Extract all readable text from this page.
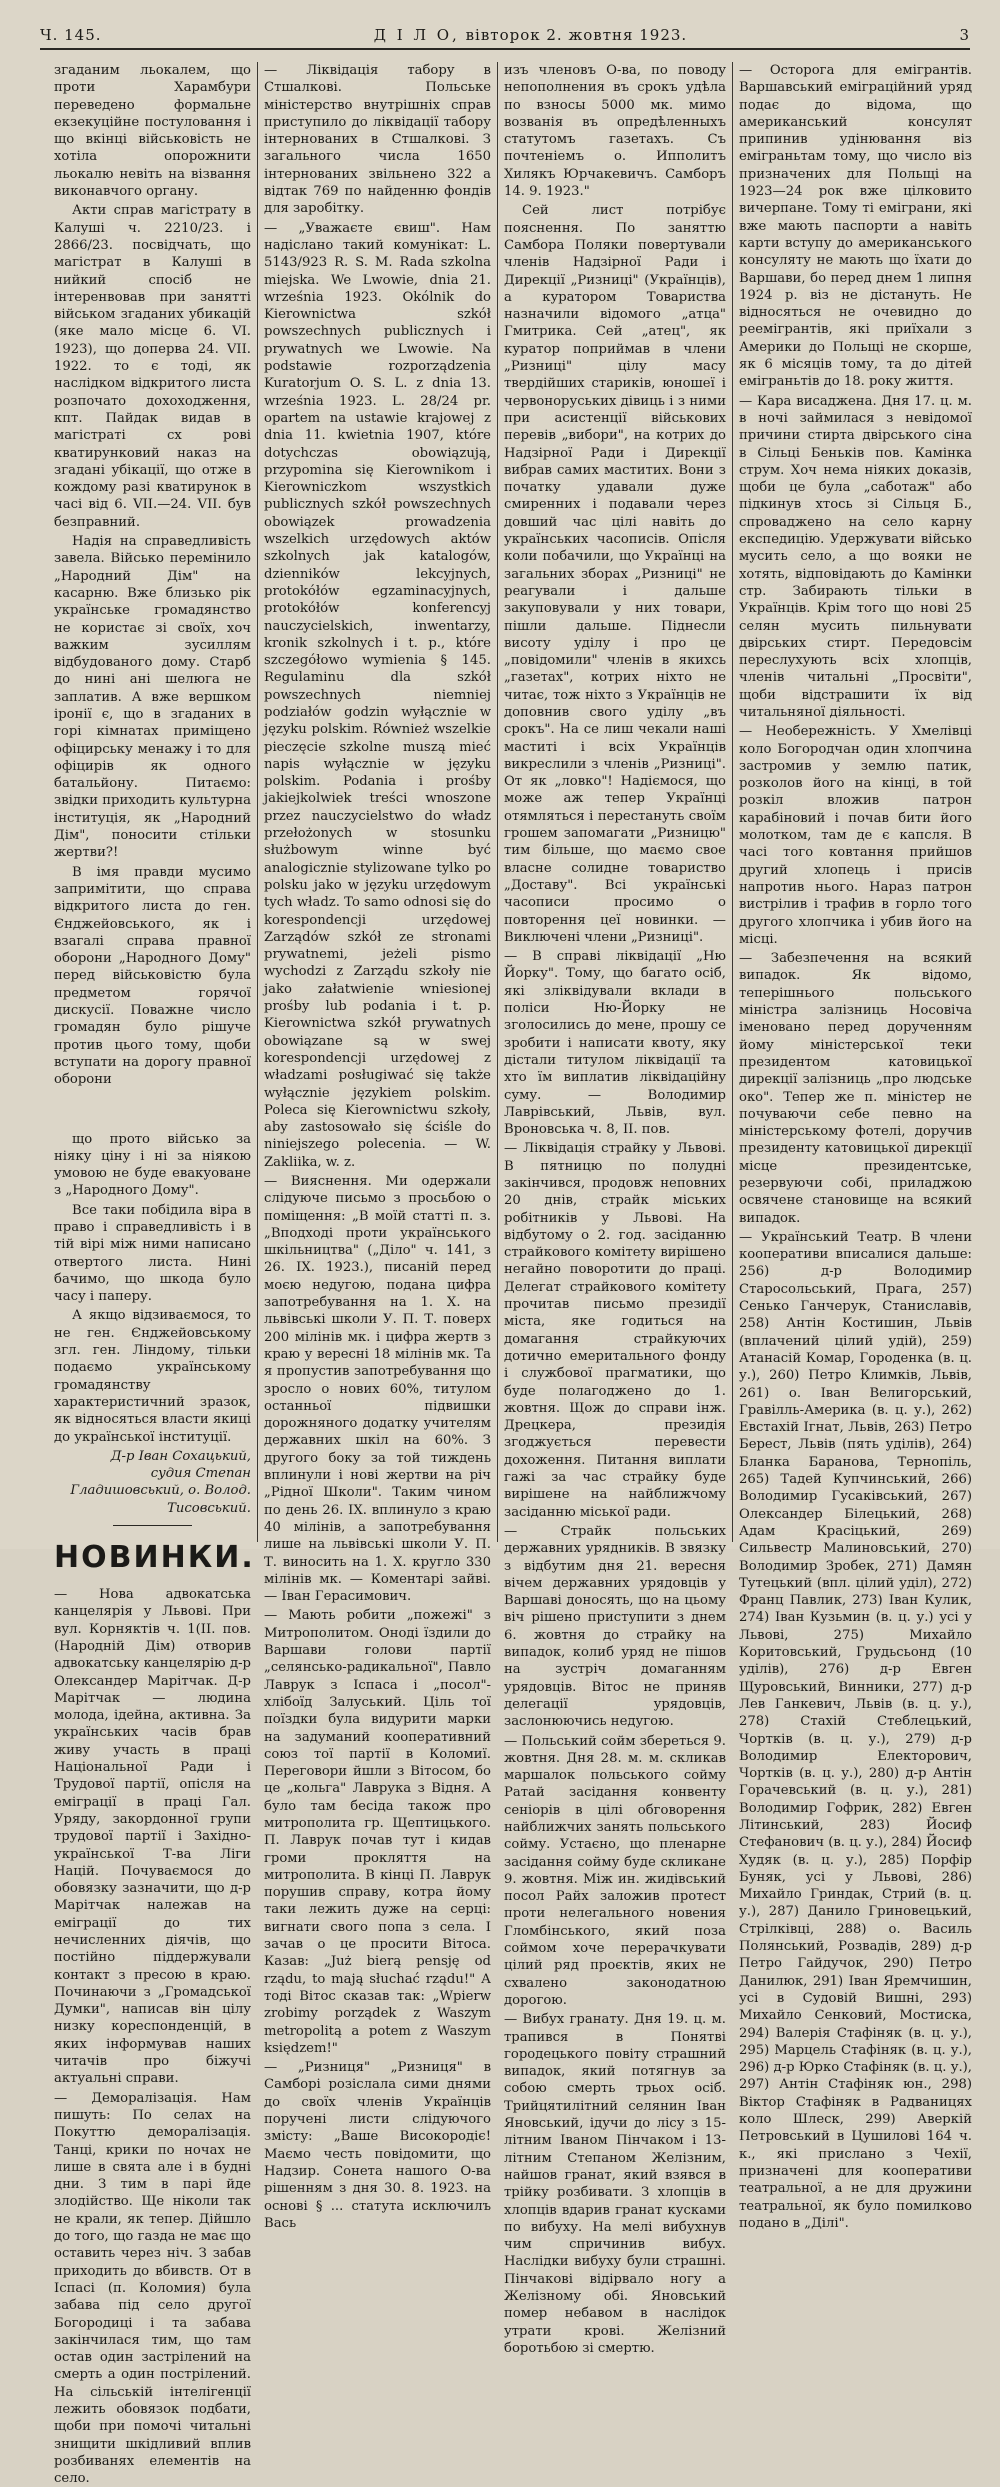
Ч. 145.	Д І Л О, вівторок 2. жовтня 1923.	3

згаданим льокалем, що проти Харамбури переведено формальне екзекуційне постуловання і що вкінці військовість не хотіла опорожнити льокалю невіть на візвання виконавчого органу.

Акти справ магістрату в Калуші ч. 2210/23. і 2866/23. посвідчать, що магістрат в Калуші в нийкий спосіб не інтеренвовав при занятті військом згаданих убикацій (яке мало місце 6. VI. 1923), що доперва 24. VII. 1922. то є тоді, як наслідком відкритого листа розпочато дохоходження, кпт. Пайдак видав в магістраті сх рові кватирунковий наказ на згадані убікації, що отже в кождому разі кватирунок в часі від 6. VII.—24. VII. був безправний.

Надія на справедливість завела. Військо перемінило „Народний Дім" на касарню. Вже близько рік українське громадянство не користає зі своїх, хоч важким зусиллям відбудованого дому. Старб до нині ані шелюга не заплатив. А вже вершком іронії є, що в згаданих в горі кімнатах приміщено офіцирську менажу і то для офіцирів як одного батальйону. Питаємо: звідки приходить культурна інституція, як „Народний Дім", поносити стільки жертви?!

В імя правди мусимо запримітити, що справа відкритого листа до ген. Єнджейовського, як і взагалі справа правної оборони „Народного Дому" перед військовістю була предметом горячої дискусії. Поважне число громадян було рішуче против цього тому, щоби вступати на дорогу правної оборони

що прото військо за ніяку ціну і ні за ніякою умовою не буде евакуоване з „Народного Дому".

Все таки побідила віра в право і справедливість і в тій вірі між ними написано отвертого листа. Нині бачимо, що шкода було часу і паперу.

А якщо відзиваємося, то не ген. Єнджейовському згл. ген. Ліндому, тільки подаємо українському громадянству характеристичний зразок, як відносяться власти якиці до української інституції.

Д-р Іван Сохацький, судия Степан Гладишовський, о. Волод. Тисовський.

НОВИНКИ.

— Нова адвокатська канцелярія у Львові. При вул. Корняктів ч. 1(ІІ. пов. (Народній Дім) отворив адвокатську канцелярію д-р Олександер Марітчак. Д-р Марітчак — людина молода, ідейна, активна. За українських часів брав живу участь в праці Національної Ради і Трудової партії, опісля на еміграції в праці Гал. Уряду, закордонної групи трудової партії і Західно-української Т-ва Ліги Націй. Почуваємося до обовязку зазначити, що д-р Марітчак належав на еміграції до тих нечисленних діячів, що постійно піддержували контакт з пресою в краю. Починаючи з „Громадської Думки", написав він цілу низку кореспонденцій, в яких інформував наших читачів про біжучі актуальні справи.

— Деморалізація. Нам пишуть: По селах на Покуттю деморалізація. Танці, крики по ночах не лише в свята але і в будні дни. З тим в парі йде злодійство. Ще ніколи так не крали, як тепер. Дійшло до того, що газда не має що оставить через ніч. З забав приходить до вбивств. От в Іспасі (п. Коломия) була забава під село другої Богородиці і та забава закінчилася тим, що там остав один застрілений на смерть а один пострілений. На сільській інтелігенції лежить обовязок подбати, щоби при помочі читальні знищити шкідливий вплив розбиванях елементів на село.

— Ліквідація табору в Стшалкові. Польське міністерство внутрішніх справ приступило до ліквідації табору інтернованих в Стшалкові. З загального числа 1650 інтернованих звільнено 322 а відтак 769 по найденню фондів для заробітку.

— „Уважаєте євиш". Нам надіслано такий комунікат: L. 5143/923 R. S. M. Rada szkolna miejska. We Lwowie, dnia 21. września 1923. Okólnik do Kierownictwa szkół powszechnych publicznych i prywatnych we Lwowie. Na podstawie rozporządzenia Kuratorjum O. S. L. z dnia 13. września 1923. L. 28/24 pr. opartem na ustawie krajowej z dnia 11. kwietnia 1907, które dotychczas obowiązują, przypomina się Kierownikom i Kierowniczkom wszystkich publicznych szkół powszechnych obowiązek prowadzenia wszelkich urzędowych aktów szkolnych jak katalogów, dzienników lekcyjnych, protokółów egzaminacyjnych, protokółów konferencyj nauczycielskich, inwentarzy, kronik szkolnych i t. p., które szczegółowo wymienia § 145. Regulaminu dla szkół powszechnych niemniej podziałów godzin wyłącznie w języku polskim. Również wszelkie pieczęcie szkolne muszą mieć napis wyłącznie w języku polskim. Podania i prośby jakiejkolwiek treści wnoszone przez nauczycielstwo do władz przełożonych w stosunku służbowym winne być analogicznie stylizowane tylko po polsku jako w języku urzędowym tych władz. To samo odnosi się do korespondencji urzędowej Zarządów szkół ze stronami prywatnemi, jeżeli pismo wychodzi z Zarządu szkoły nie jako załatwienie wniesionej prośby lub podania i t. p. Kierownictwa szkół prywatnych obowiązane są w swej korespondencji urzędowej z władzami posługiwać się także wyłącznie językiem polskim. Poleca się Kierownictwu szkoły, aby zastosowało się ściśle do niniejszego polecenia. — W. Zakliika, w. z.

— Вияснення. Ми одержали слідуюче письмо з просьбою о поміщення: „В моїй статті п. з. „Вподході проти українського шкільництва" („Діло" ч. 141, з 26. IX. 1923.), писаній перед моєю недугою, подана цифра запотребування на 1. X. на львівські школи У. П. Т. поверх 200 мілінів мк. і цифра жертв з краю у вересні 18 мілінів мк. Та я пропустив запотребування що зросло о нових 60%, титулом останньої підвишки дорожняного додатку учителям державних шкіл на 60%. З другого боку за той тиждень вплинули і нові жертви на річ „Рідної Школи". Таким чином по день 26. IX. вплинуло з краю 40 мілінів, а запотребування лише на львівські школи У. П. Т. виносить на 1. X. кругло 330 мілінів мк. — Коментарі зайві. — Іван Герасимович.

— Мають робити „пожежі" з Митрополитом. Оноді їздили до Варшави голови партії „селянсько-радикальної", Павло Лаврук з Іспаса і „посол"-хлібоїд Залуський. Ціль тої поїздки була видурити марки на задуманий кооперативний союз тої партії в Коломиї. Переговори йшли з Вітосом, бо це „кольга" Лаврука з Відня. А було там бесіда також про митрополита гр. Щептицького. П. Лаврук почав тут і кидав громи прокляття на митрополита. В кінці П. Лаврук порушив справу, котра йому таки лежить дуже на серці: вигнати свого попа з села. І зачав о це просити Вітоса. Казав: „Już bierą pensję od rządu, to mają słuchać rządu!" А тоді Вітос сказав так: „Wpierw zrobimy porządek z Waszym metropolitą a potem z Waszym księdzem!"

— „Ризниця" „Ризниця" в Самборі розіслала сими днями до своїх членів Українців поручені листи слідуючого змісту: „Ваше Високородіє! Маємо честь повідомити, що Надзир. Сонета нашого О-ва рішенням з дня 30. 8. 1923. на основі § ... статута исключилъ Вась

изъ членовъ О-ва, по поводу непополнения въ срокъ удѣла по взносы 5000 мк. мимо возванія въ опредѣленныхъ статутомъ газетахъ. Съ почтеніемъ о. Ипполитъ Хилякъ Юрчакевичъ. Самборъ 14. 9. 1923."

Сей лист потрібує пояснення. По заняттю Самбора Поляки повертували членів Надзірної Ради і Дирекції „Ризниці" (Українців), а куратором Товариства назначили відомого „атца" Гмитрика. Сей „атец", як куратор поприймав в члени „Ризниці" цілу масу твердійших стариків, юношеї і червоноруських дівиць і з ними при асистенції військових перевів „вибори", на котрих до Надзірної Ради і Дирекції вибрав самих маститих. Вони з початку удавали дуже смиренних і подавали через довший час цілі навіть до українських часописів. Опісля коли побачили, що Українці на загальних зборах „Ризниці" не реагували і дальше закуповували у них товари, пішли дальше. Піднесли висоту уділу і про це „повідомили" членів в якихсь „газетах", котрих ніхто не читає, тож ніхто з Українців не доповнив свого уділу „въ срокъ". На се лиш чекали наші маститі і всіх Українців викреслили з членів „Ризниці". От як „ловко"! Надіємося, що може аж тепер Українці отямляться і перестануть своїм грошем запомагати „Ризницю" тим більше, що маємо свое власне солидне товариство „Доставу". Всі українські часописи просимо о повторення цеї новинки. — Виключені члени „Ризниці".

— В справі ліквідації „Ню Йорку". Тому, що багато осіб, які зліквідували вклади в поліси Ню-Йорку не зголосились до мене, прошу се зробити і написати квоту, яку дістали титулом ліквідації та хто їм виплатив ліквідаційну суму. — Володимир Лаврівський, Львів, вул. Вроновська ч. 8, ІІ. пов.

— Ліквідація страйку у Львові. В пятницю по полудні закінчився, продовж неповних 20 днів, страйк міських робітників у Львові. На відбутому о 2. год. засіданню страйкового комітету вирішено негайно поворотити до праці. Делегат страйкового комітету прочитав письмо президії міста, яке годиться на домагання страйкуючих дотично емеритального фонду і службової прагматики, що буде полагоджено до 1. жовтня. Щож до справи інж. Дрецкера, президія згоджується перевести дохоження. Питання виплати гажі за час страйку буде вирішене на найближчому засіданню міської ради.

— Страйк польських державних урядників. В звязку з відбутим дня 21. вересня вічем державних урядовців у Варшаві доносять, що на цьому віч рішено приступити з днем 6. жовтня до страйку на випадок, колиб уряд не пішов на зустріч домаганням урядовців. Вітос не приняв делегації урядовців, заслонюючись недугою.

— Польський сойм збереться 9. жовтня. Дня 28. м. м. скликав маршалок польського сойму Ратай засідання конвенту сеніорів в цілі обговорення найближчих занять польського сойму. Устаєно, що пленарне засідання сойму буде скликане 9. жовтня. Між ин. жидівський посол Райх заложив протест проти нелегального новения Гломбінського, який поза соймом хоче перерачкувати цілий ряд проєктів, яких не схвалено законодатною дорогою.

— Вибух гранату. Дня 19. ц. м. трапився в Понятві городецького повіту страшний випадок, який потягнув за собою смерть трьох осіб. Трийцятилітний селянин Іван Яновський, ідучи до лісу з 15-літним Іваном Пінчаком і 13-літним Степаном Желізним, найшов гранат, який взявся в трійку розбивати. З хлопців в хлопців вдарив гранат кусками по вибуху. На мелі вибухнув чим спричинив вибух. Наслідки вибуху були страшні. Пінчакові відірвало ногу а Желізному обі. Яновський помер небавом в наслідок утрати крові. Желізний боротьбою зі смертю.

— Осторога для емігрантів. Варшавський еміграційний уряд подає до відома, що американський консулят припинив удінювання віз еміграньтам тому, що число віз призначених для Польщі на 1923—24 рок вже цілковито вичерпане. Тому ті еміграни, які вже мають паспорти а навіть карти вступу до американського консуляту не мають що їхати до Варшави, бо перед днем 1 липня 1924 р. віз не дістануть. Не відносяться не очевидно до реемігрантів, які приїхали з Америки до Польщі не скорше, як 6 місяців тому, та до дітей еміграньтів до 18. року життя.

— Кара висаджена. Дня 17. ц. м. в ночі займилася з невідомої причини стирта двірського сіна в Сільці Беньків пов. Камінка струм. Хоч нема ніяких доказів, щоби це була „саботаж" або підкинув хтось зі Сільця Б., спроваджено на село карну експедицію. Удержувати військо мусить село, а що вояки не хотять, відповідають до Камінки стр. Забирають тільки в Українців. Крім того що нові 25 селян мусить пильнувати двірських стирт. Передовсім переслухують всіх хлопців, членів читальні „Просвіти", щоби відстрашити їх від читальняної діяльності.

— Необережність. У Хмелівці коло Богородчан один хлопчина застромив у землю патик, розколов його на кінці, в той розкіл вложив патрон карабіновий і почав бити його молотком, там де є капсля. В часі того ковтання прийшов другий хлопець і присів напротив нього. Нараз патрон вистрілив і трафив в горло того другого хлопчика і убив його на місці.

— Забезпечення на всякий випадок. Як відомо, теперішнього польського міністра залізниць Носовіча іменовано перед дорученням йому міністерської теки президентом катовицької дирекції залізниць „про людське око". Тепер же п. міністер не почуваючи себе певно на міністерському фотелі, доручив президенту катовицької дирекції місце президентське, резервуючи собі, приладжою освячене становище на всякий випадок.

— Український Театр. В члени кооперативи вписалися дальше: 256) д-р Володимир Старосольський, Прага, 257) Сенько Ганчерук, Станиславів, 258) Антін Костишин, Львів (вплачений цілий удій), 259) Атанасій Комар, Городенка (в. ц. у.), 260) Петро Климків, Львів, 261) о. Іван Велигорський, Гравілль-Америка (в. ц. у.), 262) Евстахій Ігнат, Львів, 263) Петро Берест, Львів (пять уділів), 264) Бланка Баранова, Тернопіль, 265) Тадей Купчинський, 266) Володимир Гусаківський, 267) Олександер Білецький, 268) Адам Красіцький, 269) Сильвестр Малиновський, 270) Володимир Зробек, 271) Дамян Тутецький (впл. цілий уділ), 272) Франц Павлик, 273) Іван Кулик, 274) Іван Кузьмин (в. ц. у.) усі у Львові, 275) Михайло Коритовський, Грудьсьонд (10 уділів), 276) д-р Евген Щуровський, Винники, 277) д-р Лев Ганкевич, Львів (в. ц. у.), 278) Стахій Стеблецький, Чортків (в. ц. у.), 279) д-р Володимир Електорович, Чортків (в. ц. у.), 280) д-р Антін Горачевський (в. ц. у.), 281) Володимир Гофрик, 282) Евген Літинський, 283) Йосиф Стефанович (в. ц. у.), 284) Йосиф Худяк (в. ц. у.), 285) Порфір Буняк, усі у Львові, 286) Михайло Гриндак, Стрий (в. ц. у.), 287) Данило Гриновецький, Стрілківці, 288) о. Василь Полянський, Розвадів, 289) д-р Петро Гайдучок, 290) Петро Данилюк, 291) Іван Яремчишин, усі в Судовій Вишні, 293) Михайло Сенковий, Мостиска, 294) Валерія Стафіняк (в. ц. у.), 295) Марцель Стафіняк (в. ц. у.), 296) д-р Юрко Стафіняк (в. ц. у.), 297) Антін Стафіняк юн., 298) Віктор Стафіняк в Радваницях коло Шлеск, 299) Аверкій Петровський в Цушилові 164 ч. к., які прислано з Чехії, призначені для кооперативи театральної, а не для дружини театральної, як було помилково подано в „Ділі".
